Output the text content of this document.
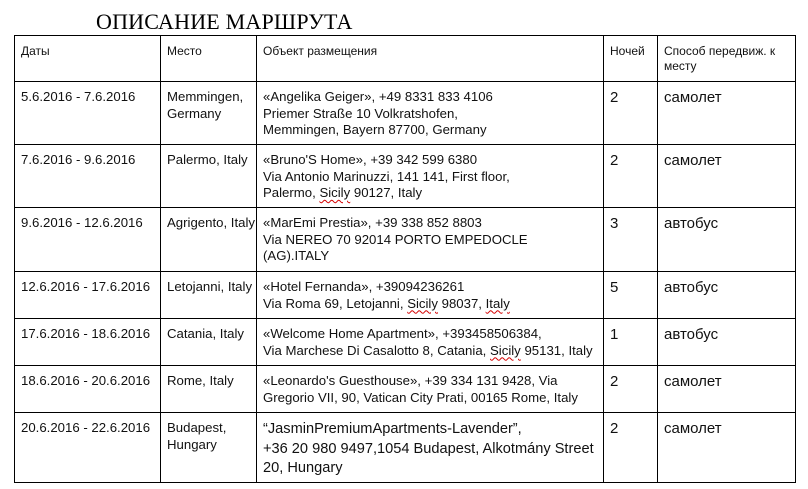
ОПИСАНИЕ МАРШРУТА
Даты	Место	Объект размещения	Ночей	Способ передвиж. к месту
5.6.2016 - 7.6.2016	Memmingen, Germany	«Angelika Geiger», +49 8331 833 4106
Priemer Straße 10 Volkratshofen,
Memmingen, Bayern 87700, Germany	2	самолет
7.6.2016 - 9.6.2016	Palermo, Italy	«Bruno'S Home», +39 342 599 6380
Via Antonio Marinuzzi, 141 141, First floor,
Palermo, Sicily 90127, Italy	2	самолет
9.6.2016 - 12.6.2016	Agrigento, Italy	«MarEmi Prestia», +39 338 852 8803
Via NEREO 70 92014 PORTO EMPEDOCLE
(AG).ITALY	3	автобус
12.6.2016 - 17.6.2016	Letojanni, Italy	«Hotel Fernanda», +39094236261
Via Roma 69, Letojanni, Sicily 98037, Italy	5	автобус
17.6.2016 - 18.6.2016	Catania, Italy	«Welcome Home Apartment», +393458506384,
Via Marchese Di Casalotto 8, Catania, Sicily 95131, Italy	1	автобус
18.6.2016 - 20.6.2016	Rome, Italy	«Leonardo's Guesthouse», +39 334 131 9428, Via
Gregorio VII, 90, Vatican City Prati, 00165 Rome, Italy	2	самолет
20.6.2016 - 22.6.2016	Budapest, Hungary	“JasminPremiumApartments-Lavender”,
+36 20 980 9497,1054 Budapest, Alkotmány Street
20, Hungary	2	самолет
